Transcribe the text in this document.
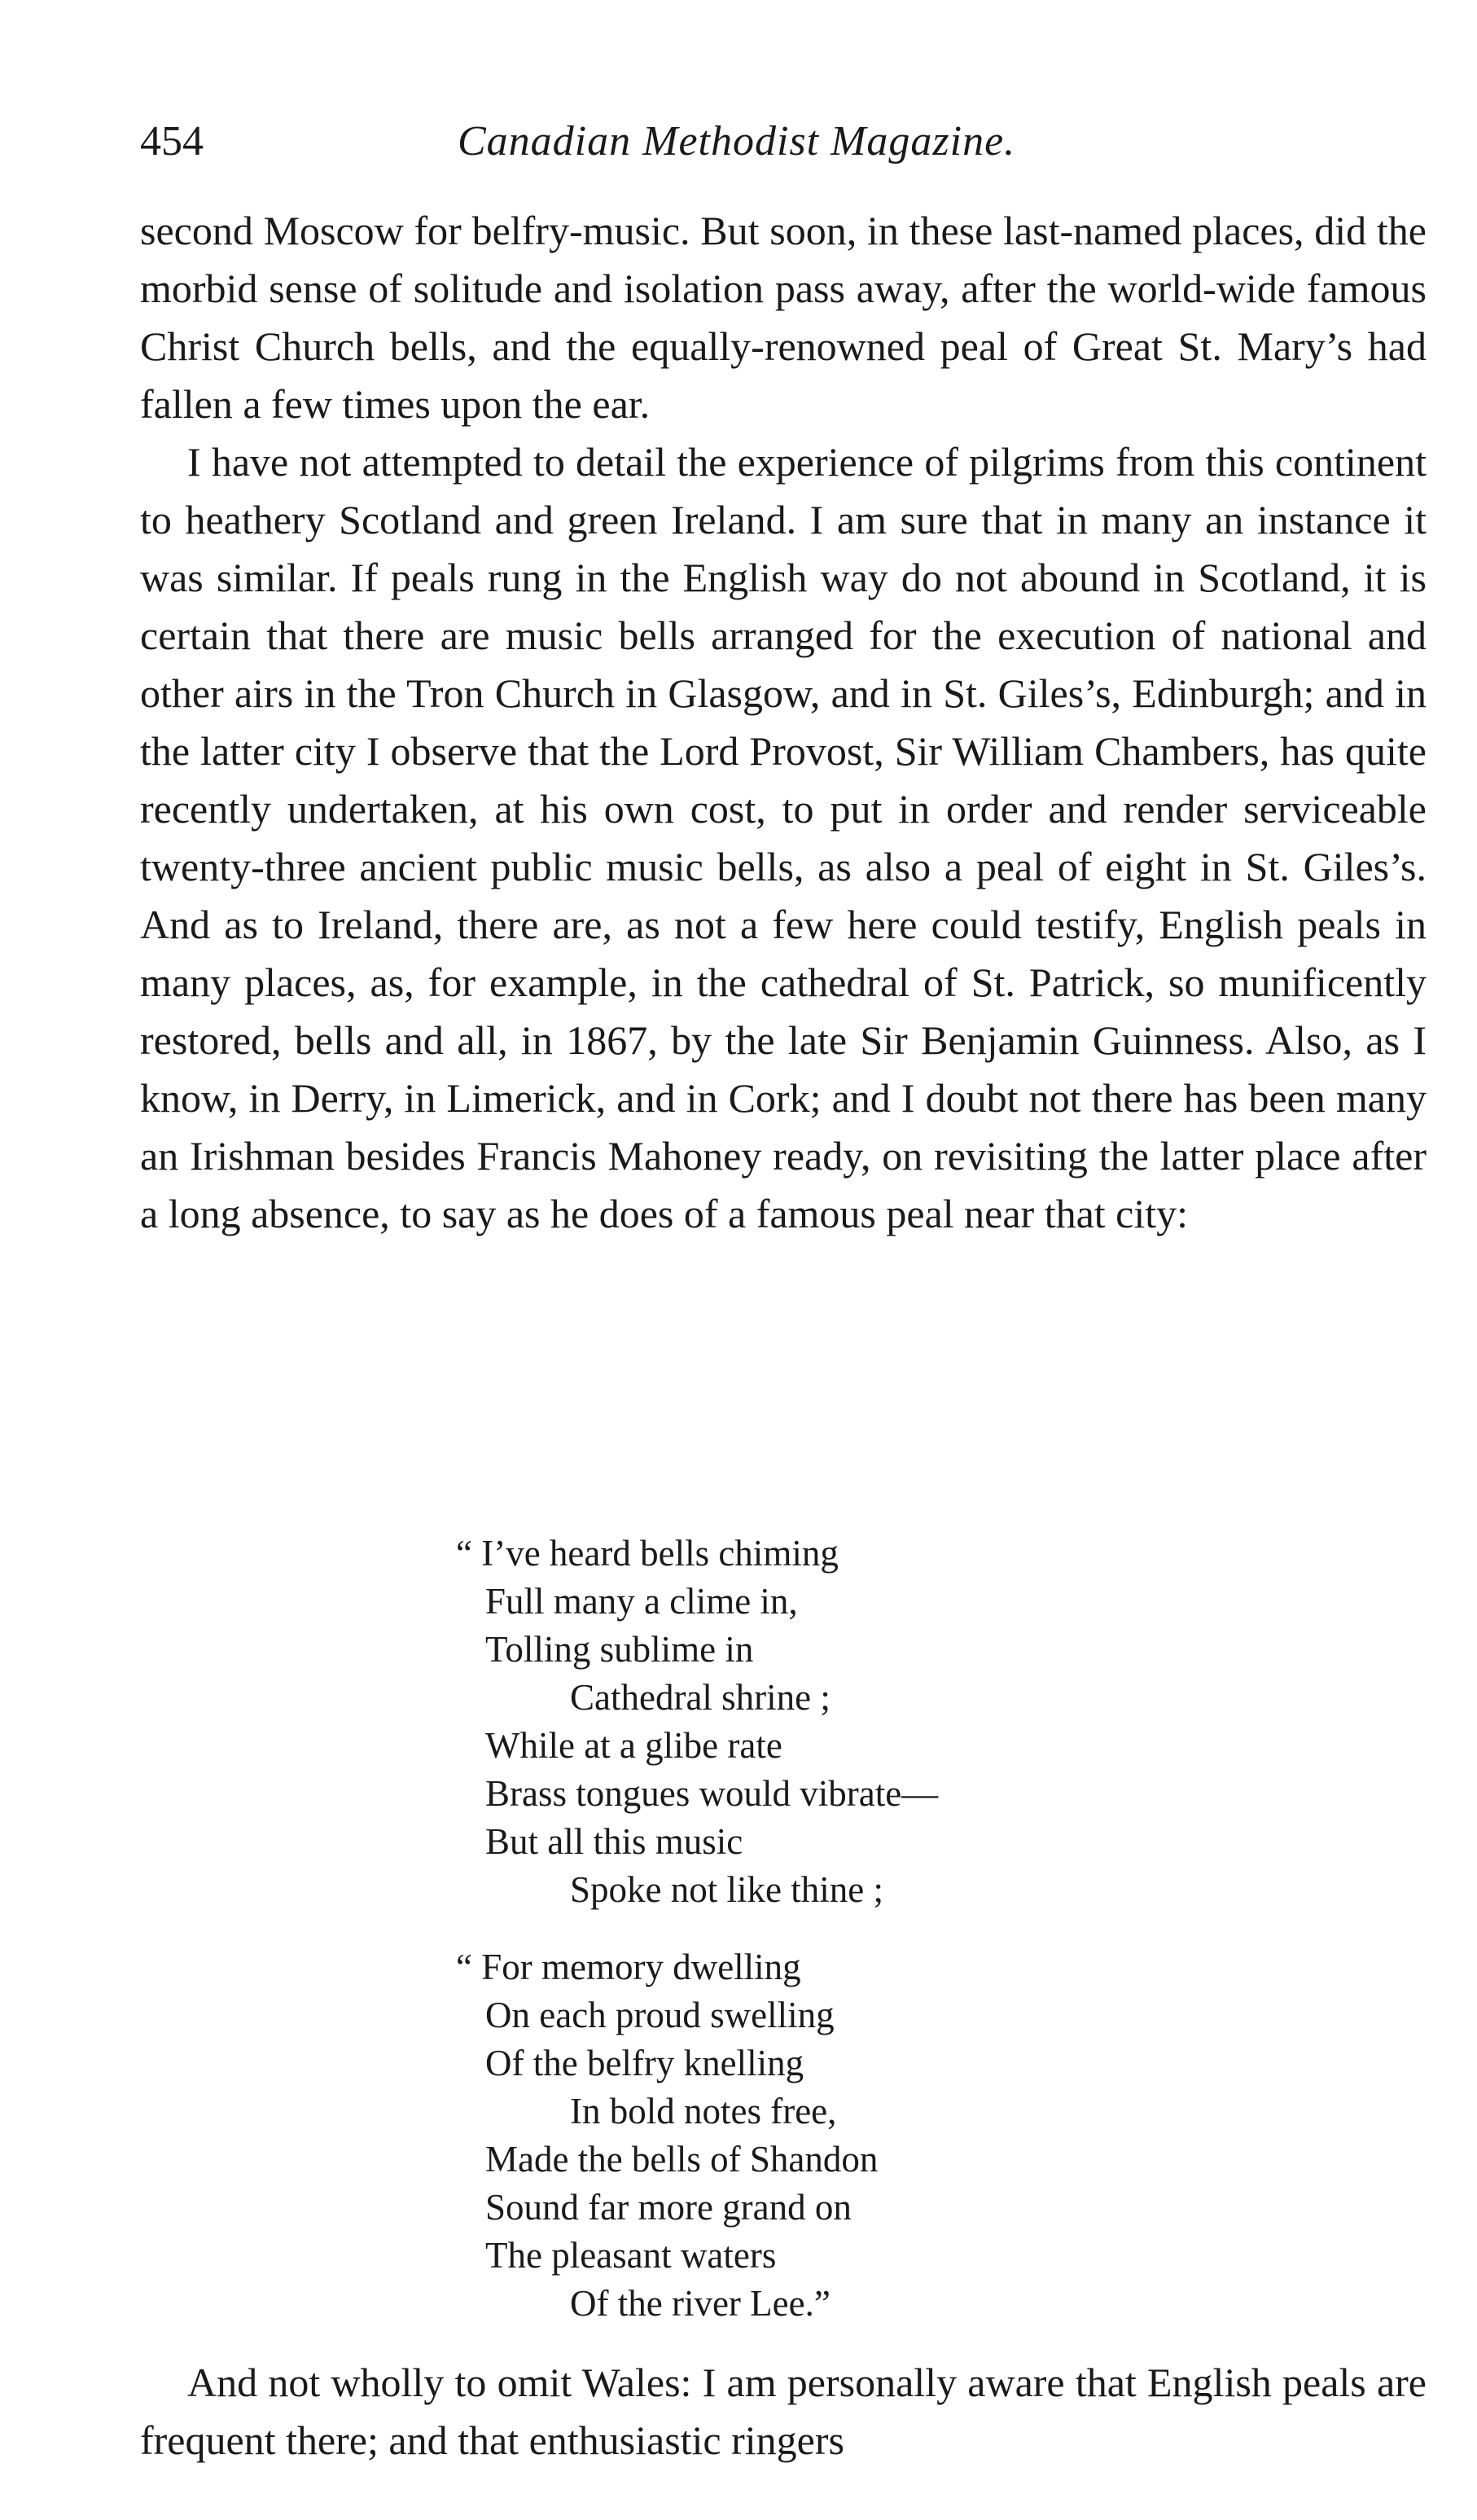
454	Canadian Methodist Magazine.

second Moscow for belfry-music. But soon, in these last-named places, did the morbid sense of solitude and isolation pass away, after the world-wide famous Christ Church bells, and the equally-renowned peal of Great St. Mary’s had fallen a few times upon the ear.

I have not attempted to detail the experience of pilgrims from this continent to heathery Scotland and green Ireland. I am sure that in many an instance it was similar. If peals rung in the English way do not abound in Scotland, it is certain that there are music bells arranged for the execution of national and other airs in the Tron Church in Glasgow, and in St. Giles’s, Edinburgh; and in the latter city I observe that the Lord Provost, Sir William Chambers, has quite recently undertaken, at his own cost, to put in order and render serviceable twenty-three ancient public music bells, as also a peal of eight in St. Giles’s. And as to Ireland, there are, as not a few here could testify, English peals in many places, as, for example, in the cathedral of St. Patrick, so munificently restored, bells and all, in 1867, by the late Sir Benjamin Guinness. Also, as I know, in Derry, in Limerick, and in Cork; and I doubt not there has been many an Irishman besides Francis Mahoney ready, on revisiting the latter place after a long absence, to say as he does of a famous peal near that city:

“ I’ve heard bells chiming
Full many a clime in,
Tolling sublime in
Cathedral shrine ;
While at a glibe rate
Brass tongues would vibrate—
But all this music
Spoke not like thine ;
“ For memory dwelling
On each proud swelling
Of the belfry knelling
In bold notes free,
Made the bells of Shandon
Sound far more grand on
The pleasant waters
Of the river Lee.”

And not wholly to omit Wales: I am personally aware that English peals are frequent there; and that enthusiastic ringers
